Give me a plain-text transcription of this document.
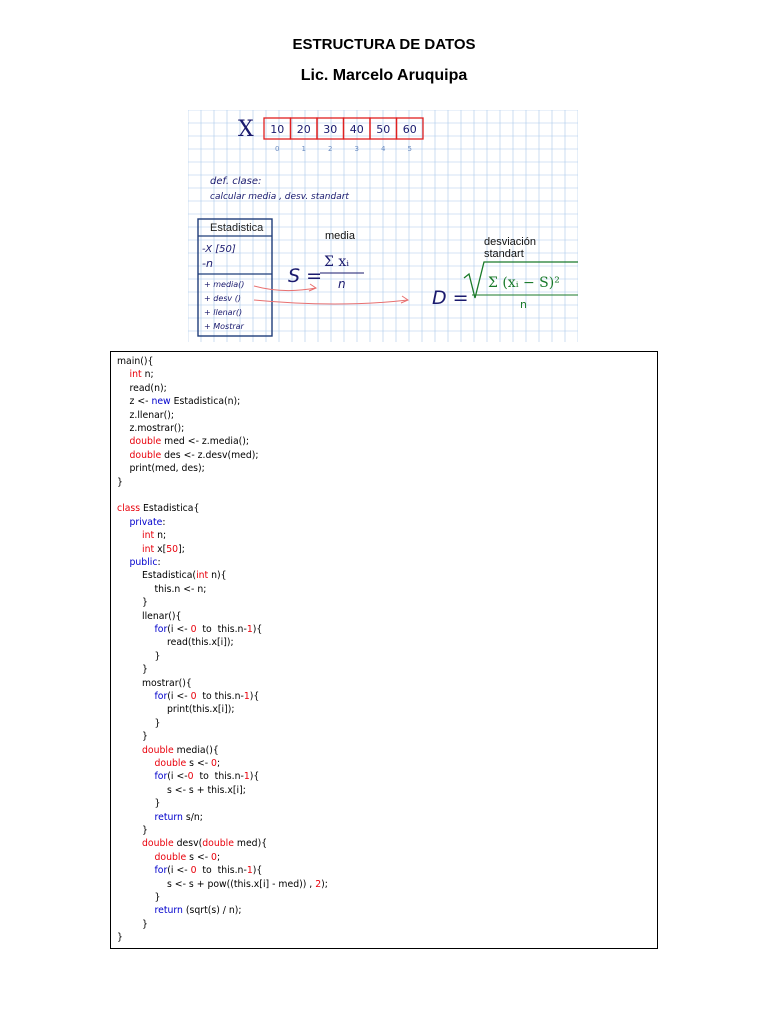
ESTRUCTURA DE DATOS
Lic. Marcelo Aruquipa
X 10
0
20
1
30
2
40
3
50
4
60
5
def. clase:
calcular media , desv. standart
Estadistica
-X [50]
-n
+ media()
+ desv ()
+ llenar()
+ Mostrar
media
S =
Σ xᵢ
n
desviación
standart
D =
Σ (xᵢ − S)²
n
main(){
int n;
read(n);
z <- new Estadistica(n);
z.llenar();
z.mostrar();
double med <- z.media();
double des <- z.desv(med);
print(med, des);
}
class Estadistica{
private:
int n;
int x[50];
public:
Estadistica(int n){
this.n <- n;
}
llenar(){
for(i <- 0  to  this.n-1){
read(this.x[i]);
}
}
mostrar(){
for(i <- 0  to this.n-1){
print(this.x[i]);
}
}
double media(){
double s <- 0;
for(i <-0  to  this.n-1){
s <- s + this.x[i];
}
return s/n;
}
double desv(double med){
double s <- 0;
for(i <- 0  to  this.n-1){
s <- s + pow((this.x[i] - med)) , 2);
}
return (sqrt(s) / n);
}
}
